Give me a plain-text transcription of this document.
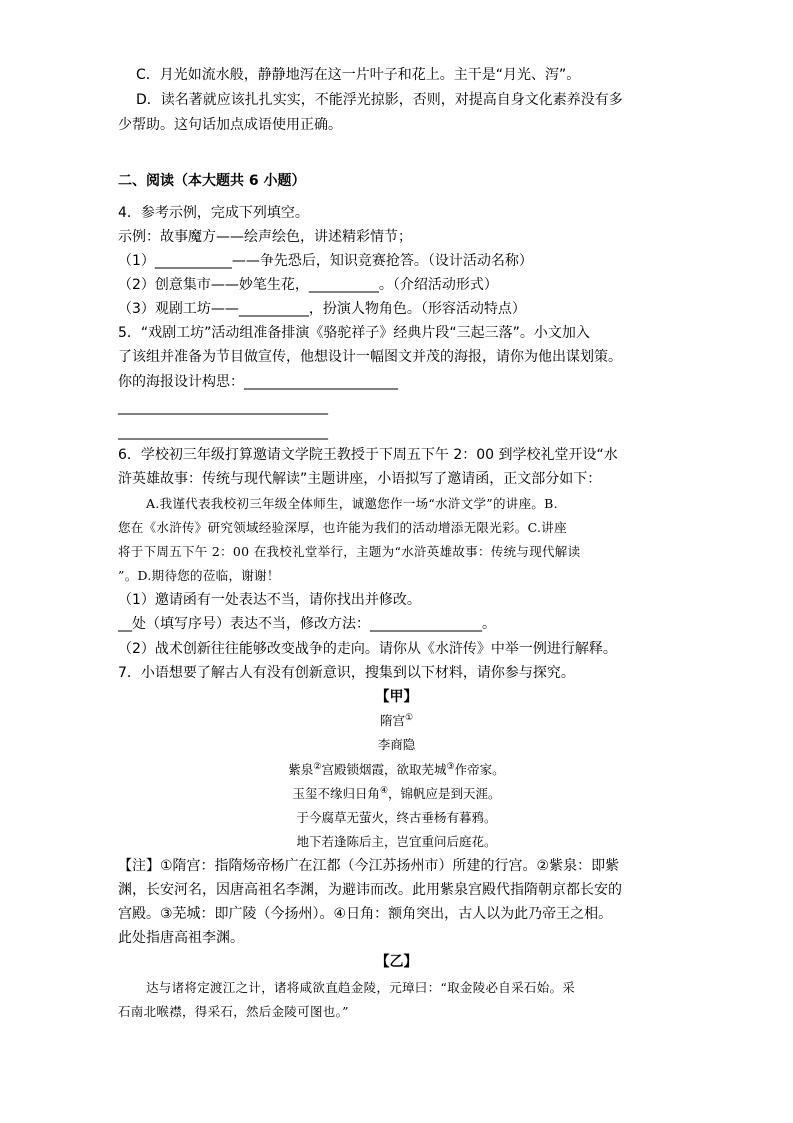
C．月光如流水般，静静地泻在这一片叶子和花上。主干是“月光、泻”。
D．读名著就应该扎扎实实，不能浮光掠影，否则，对提高自身文化素养没有多
少帮助。这句话加点成语使用正确。
二、阅读（本大题共 6 小题）
4．参考示例，完成下列填空。
示例：故事魔方——绘声绘色，讲述精彩情节；
（1）___________——争先恐后，知识竞赛抢答。（设计活动名称）
（2）创意集市——妙笔生花，__________。（介绍活动形式）
（3）观剧工坊——__________，扮演人物角色。（形容活动特点）
5．“戏剧工坊”活动组准备排演《骆驼祥子》经典片段“三起三落”。小文加入
了该组并准备为节目做宣传，他想设计一幅图文并茂的海报，请你为他出谋划策。
你的海报设计构思：______________________
______________________________
______________________________
6．学校初三年级打算邀请文学院王教授于下周五下午 2：00 到学校礼堂开设“水
浒英雄故事：传统与现代解读”主题讲座，小语拟写了邀请函，正文部分如下：
A.我谨代表我校初三年级全体师生，诚邀您作一场“水浒文学”的讲座。B.
您在《水浒传》研究领域经验深厚，也许能为我们的活动增添无限光彩。C.讲座
将于下周五下午 2：00 在我校礼堂举行，主题为“水浒英雄故事：传统与现代解读
”。D.期待您的莅临，谢谢！
（1）邀请函有一处表达不当，请你找出并修改。
__处（填写序号）表达不当，修改方法：________________。
（2）战术创新往往能够改变战争的走向。请你从《水浒传》中举一例进行解释。
7．小语想要了解古人有没有创新意识，搜集到以下材料，请你参与探究。
【甲】
隋宫①
李商隐
紫泉②宫殿锁烟霞，欲取芜城③作帝家。
玉玺不缘归日角④，锦帆应是到天涯。
于今腐草无萤火，终古垂杨有暮鸦。
地下若逢陈后主，岂宜重问后庭花。
【注】①隋宫：指隋炀帝杨广在江都（今江苏扬州市）所建的行宫。②紫泉：即紫
渊，长安河名，因唐高祖名李渊，为避讳而改。此用紫泉宫殿代指隋朝京都长安的
宫殿。③芜城：即广陵（今扬州）。④日角：额角突出，古人以为此乃帝王之相。
此处指唐高祖李渊。
【乙】
达与诸将定渡江之计，诸将咸欲直趋金陵，元璋曰：“取金陵必自采石始。采
石南北喉襟，得采石，然后金陵可图也。”
